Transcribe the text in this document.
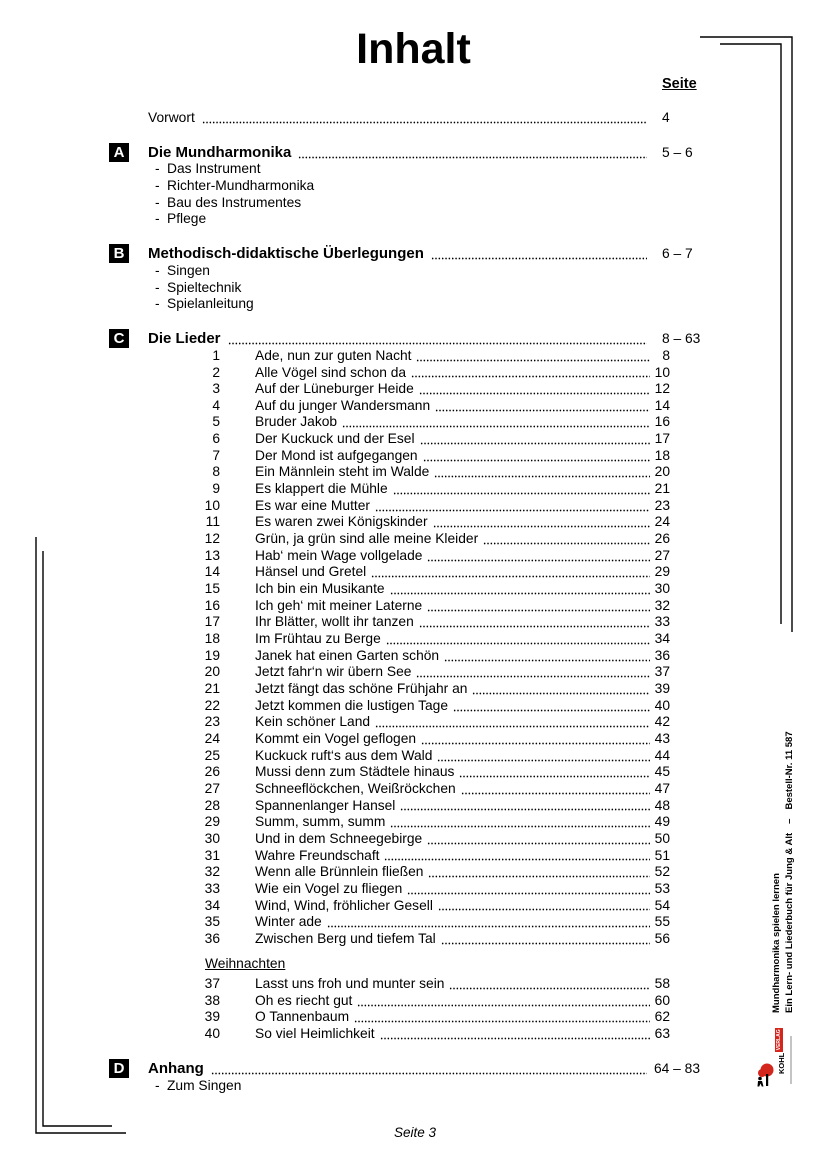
Inhalt
Seite
Vorwort	4
A	Die Mundharmonika	5 – 6
- Das Instrument
- Richter-Mundharmonika
- Bau des Instrumentes
- Pflege
B	Methodisch-didaktische Überlegungen	6 – 7
- Singen
- Spieltechnik
- Spielanleitung
C	Die Lieder	8 – 63
1	Ade, nun zur guten Nacht	8
2	Alle Vögel sind schon da	10
3	Auf der Lüneburger Heide	12
4	Auf du junger Wandersmann	14
5	Bruder Jakob	16
6	Der Kuckuck und der Esel	17
7	Der Mond ist aufgegangen	18
8	Ein Männlein steht im Walde	20
9	Es klappert die Mühle	21
10	Es war eine Mutter	23
11	Es waren zwei Königskinder	24
12	Grün, ja grün sind alle meine Kleider	26
13	Hab‘ mein Wage vollgelade	27
14	Hänsel und Gretel	29
15	Ich bin ein Musikante	30
16	Ich geh‘ mit meiner Laterne	32
17	Ihr Blätter, wollt ihr tanzen	33
18	Im Frühtau zu Berge	34
19	Janek hat einen Garten schön	36
20	Jetzt fahr‘n wir übern See	37
21	Jetzt fängt das schöne Frühjahr an	39
22	Jetzt kommen die lustigen Tage	40
23	Kein schöner Land	42
24	Kommt ein Vogel geflogen	43
25	Kuckuck ruft‘s aus dem Wald	44
26	Mussi denn zum Städtele hinaus	45
27	Schneeflöckchen, Weißröckchen	47
28	Spannenlanger Hansel	48
29	Summ, summ, summ	49
30	Und in dem Schneegebirge	50
31	Wahre Freundschaft	51
32	Wenn alle Brünnlein fließen	52
33	Wie ein Vogel zu fliegen	53
34	Wind, Wind, fröhlicher Gesell	54
35	Winter ade	55
36	Zwischen Berg und tiefem Tal	56
Weihnachten
37	Lasst uns froh und munter sein	58
38	Oh es riecht gut	60
39	O Tannenbaum	62
40	So viel Heimlichkeit	63
D	Anhang	64 – 83
- Zum Singen
Seite 3
Mundharmonika spielen lernen Ein Lern- und Liederbuch für Jung & Alt–Bestell-Nr. 11 587
KOHLVERLAG
